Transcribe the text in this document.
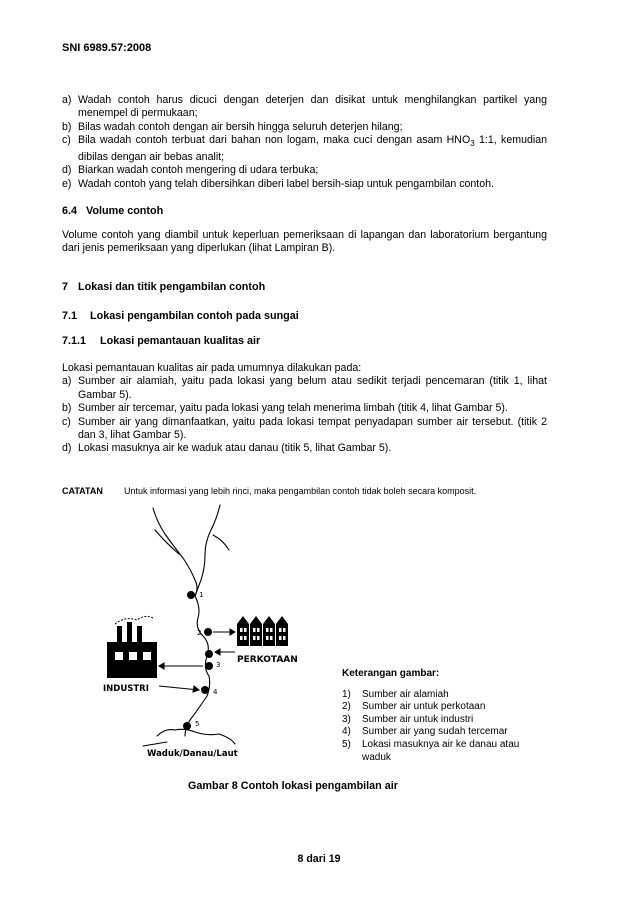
SNI 6989.57:2008
a) Wadah contoh harus dicuci dengan deterjen dan disikat untuk menghilangkan partikel yang menempel di permukaan;
b) Bilas wadah contoh dengan air bersih hingga seluruh deterjen hilang;
c) Bila wadah contoh terbuat dari bahan non logam, maka cuci dengan asam $HNO_3$ 1:1, kemudian dibilas dengan air bebas analit;
d) Biarkan wadah contoh mengering di udara terbuka;
e) Wadah contoh yang telah dibersihkan diberi label bersih-siap untuk pengambilan contoh.
6.4 Volume contoh
Volume contoh yang diambil untuk keperluan pemeriksaan di lapangan dan laboratorium bergantung dari jenis pemeriksaan yang diperlukan (lihat Lampiran B).
7 Lokasi dan titik pengambilan contoh
7.1 Lokasi pengambilan contoh pada sungai
7.1.1 Lokasi pemantauan kualitas air
Lokasi pemantauan kualitas air pada umumnya dilakukan pada:
a) Sumber air alamiah, yaitu pada lokasi yang belum atau sedikit terjadi pencemaran (titik 1, lihat Gambar 5).
b) Sumber air tercemar, yaitu pada lokasi yang telah menerima limbah (titik 4, lihat Gambar 5).
c) Sumber air yang dimanfaatkan, yaitu pada lokasi tempat penyadapan sumber air tersebut. (titik 2 dan 3, lihat Gambar 5).
d) Lokasi masuknya air ke waduk atau danau (titik 5, lihat Gambar 5).
CATATAN	Untuk informasi yang lebih rinci, maka pengambilan contoh tidak boleh secara komposit.
1
2
3
4
5
INDUSTRI
PERKOTAAN
Waduk/Danau/Laut
Keterangan gambar:
1)	Sumber air alamiah
2)	Sumber air untuk perkotaan
3)	Sumber air untuk industri
4)	Sumber air yang sudah tercemar
5)	Lokasi masuknya air ke danau atau waduk
Gambar 8 Contoh lokasi pengambilan air
8 dari 19
